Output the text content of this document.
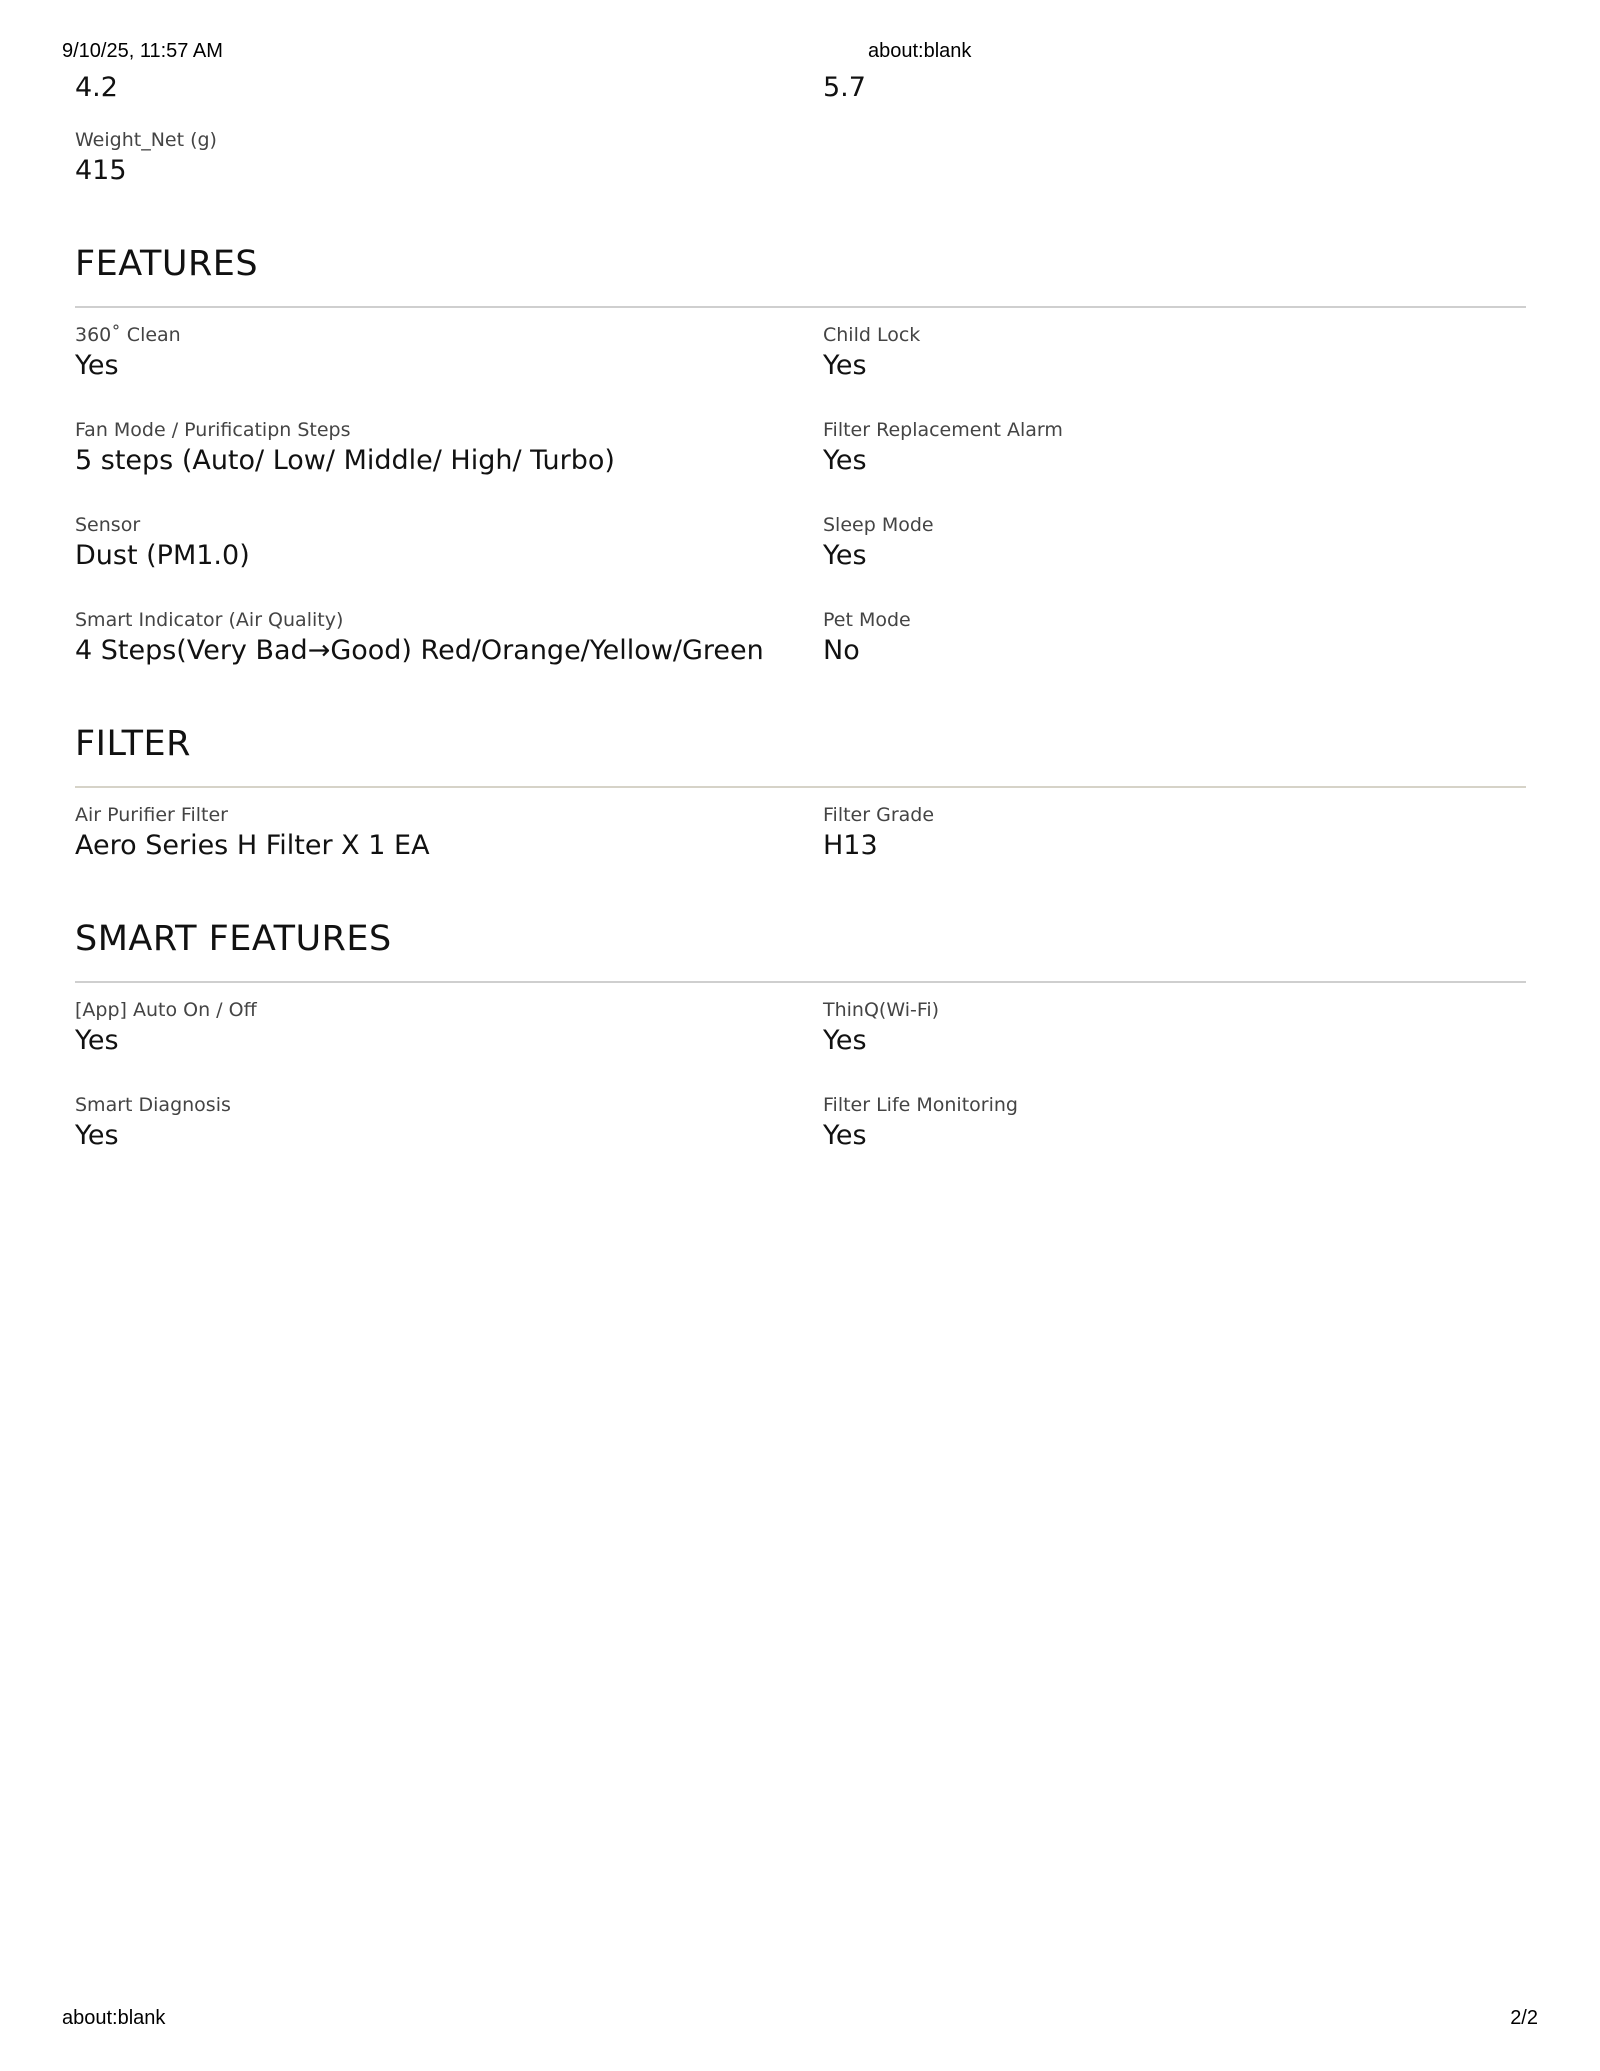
9/10/25, 11:57 AM	about:blank
4.2	5.7
Weight_Net (g)
415
FEATURES
360˚ Clean
Yes
Child Lock
Yes
Fan Mode / Purificatipn Steps
5 steps (Auto/ Low/ Middle/ High/ Turbo)
Filter Replacement Alarm
Yes
Sensor
Dust (PM1.0)
Sleep Mode
Yes
Smart Indicator (Air Quality)
4 Steps(Very Bad→Good) Red/Orange/Yellow/Green
Pet Mode
No
FILTER
Air Purifier Filter
Aero Series H Filter X 1 EA
Filter Grade
H13
SMART FEATURES
[App] Auto On / Off
Yes
ThinQ(Wi-Fi)
Yes
Smart Diagnosis
Yes
Filter Life Monitoring
Yes
about:blank	2/2
